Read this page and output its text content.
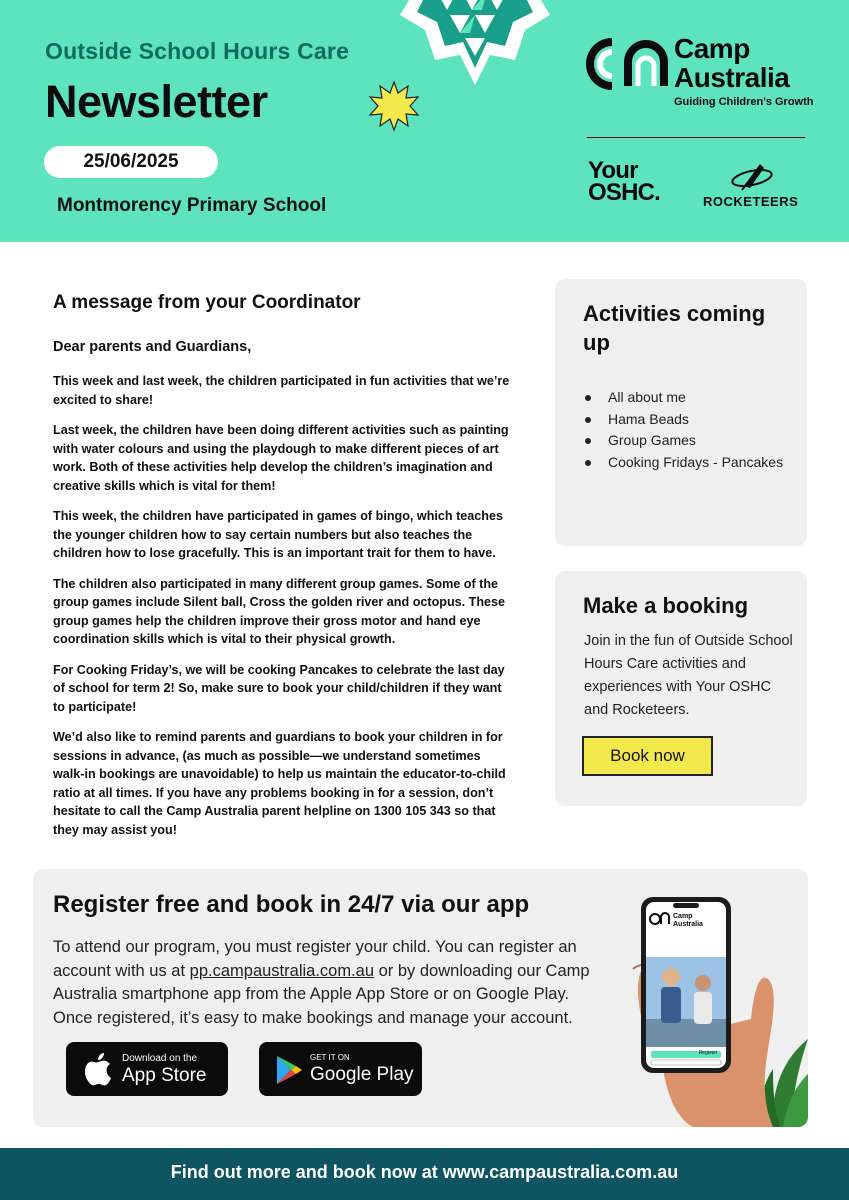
Outside School Hours Care
Newsletter
25/06/2025
Montmorency Primary School
Camp
Australia
Guiding Children's Growth
Your
OSHC.	ROCKETEERS
A message from your Coordinator
Dear parents and Guardians,

This week and last week, the children participated in fun activities that we’re excited to share!

Last week, the children have been doing different activities such as painting with water colours and using the playdough to make different pieces of art work. Both of these activities help develop the children’s imagination and creative skills which is vital for them!

This week, the children have participated in games of bingo, which teaches the younger children how to say certain numbers but also teaches the children how to lose gracefully. This is an important trait for them to have.

The children also participated in many different group games. Some of the group games include Silent ball, Cross the golden river and octopus. These group games help the children improve their gross motor and hand eye coordination skills which is vital to their physical growth.

For Cooking Friday’s, we will be cooking Pancakes to celebrate the last day of school for term 2! So, make sure to book your child/children if they want to participate!

We’d also like to remind parents and guardians to book your children in for sessions in advance, (as much as possible—we understand sometimes walk-in bookings are unavoidable) to help us maintain the educator-to-child ratio at all times. If you have any problems booking in for a session, don’t hesitate to call the Camp Australia parent helpline on 1300 105 343 so that they may assist you!

Activities coming up
All about me
Hama Beads
Group Games
Cooking Fridays - Pancakes
Make a booking

Join in the fun of Outside School Hours Care activities and experiences with Your OSHC and Rocketeers.

Book now
Register free and book in 24/7 via our app

To attend our program, you must register your child. You can register an account with us at pp.campaustralia.com.au or by downloading our Camp Australia smartphone app from the Apple App Store or on Google Play. Once registered, it’s easy to make bookings and manage your account.

Download on the
App Store
GET IT ON
Google Play
Camp
Australia
Register
Find out more and book now at www.campaustralia.com.au
